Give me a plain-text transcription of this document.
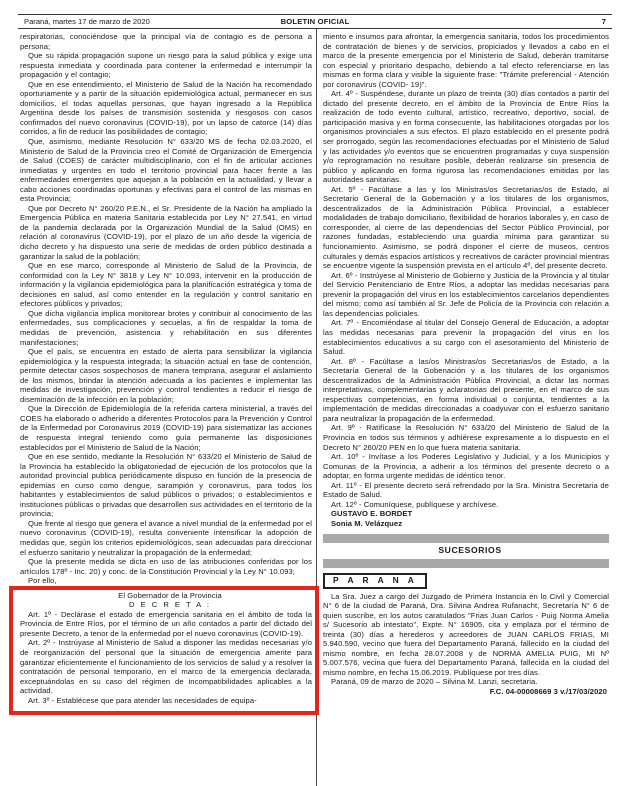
Paraná, martes 17 de marzo de 2020	BOLETIN OFICIAL	7

respiratorias, conociéndose que la principal vía de contagio es de persona a persona;

Que su rápida propagación supone un riesgo para la salud pública y exige una respuesta inmediata y coordinada para contener la enfermedad e interrumpir la propagación y el contagio;

Que en ese entendimiento, el Ministerio de Salud de la Nación ha recomendado oportunamente y a partir de la situación epidemiológica actual, permanecer en sus domicilios, el todas aquellas personas, que hayan ingresado a la República Argentina desde los países de transmisión sostenida y riesgosos con casos confirmados del nuevo coronavirus (COVID-19), por un lapso de catorce (14) días corridos, a fin de reducir las posibilidades de contagio;

Que, asimismo, mediante Resolución N° 633/20 MS de fecha 02.03.2020, el Ministerio de Salud de la Provincia creo el Comité de Organización de Emergencia de Salud (COES) de carácter multidisciplinario, con el fin de articular acciones inmediatas y urgentes en todo el territorio provincial para hacer frente a las enfermedades emergentes que aquejan a la población en la actualidad, y llevar a cabo acciones coordinadas oportunas y efectivas para el control de las mismas en esta Provincia;

Que por Decreto N° 260/20 P.E.N., el Sr. Presidente de la Nación ha ampliado la Emergencia Pública en materia Sanitaria establecida por Ley N° 27.541, en virtud de la pandemia declarada por la Organización Mundial de la Salud (OMS) en relación al coronavirus (COVID-19), por el plazo de un año desde la vigencia de dicho decreto y ha dispuesto una serie de medidas de orden público destinada a garantizar la salud de la población;

Que en ese marco, corresponde al Ministerio de Salud de la Provincia, de conformidad con la Ley N° 3818 y Ley N° 10.093, intervenir en la producción de información y la vigilancia epidemiológica para la planificación estratégica y toma de decisiones en salud, así como entender en la regulación y control sanitario en efectores públicos y privados;

Que dicha vigilancia implica monitorear brotes y contribuir al conocimiento de las enfermedades, sus complicaciones y secuelas, a fin de respaldar la toma de medidas de prevención, asistencia y rehabilitación en sus diferentes manifestaciones;

Que el país, se encuentra en estado de alerta para sensibilizar la vigilancia epidemiológica y la respuesta integrada; la situación actual en fase de contención, permite detectar casos sospechosos de manera temprana, asegurar el aislamiento de los mismos, brindar la atención adecuada a los pacientes e implementar las medidas de investigación, prevención y control tendientes a reducir el riesgo de diseminación de la infección en la población;

Que la Dirección de Epidemiología de la referida cartera ministerial, a través del COES ha elaborado o adherido a diferentes Protocolos para la Prevención y Control de la Enfermedad por Coronavirus 2019 (COVID-19) para sistematizar las acciones de respuesta integral teniendo como guía permanente las disposiciones establecidos por el Ministerio de Salud de la Nación;

Que en ese sentido, mediante la Resolución N° 633/20 el Ministerio de Salud de la Provincia ha establecido la obligatoriedad de ejecución de los protocolos que la autoridad provincial publica periódicamente dispuso en función de la presencia de epidemias en curso como dengue, sarampión y coronavirus, para todos los habitantes y establecimientos de salud públicos o privados; o establecimientos e instituciones públicas o privadas que desarrollen sus actividades en el territorio de la provincia;

Que frente al riesgo que genera el avance a nivel mundial de la enfermedad por el nuevo coronavirus (COVID-19), resulta conveniente intensificar la adopción de medidas que, según los criterios epidemiológicos, sean adecuadas para direccionar el esfuerzo sanitario y neutralizar la propagación de la enfermedad;

Que la presente medida se dicta en uso de las atribuciones conferidas por los artículos 178º - Inc. 20) y conc. de la Constitución Provincial y la Ley N° 10.093;

Por ello,

El Gobernador de la Provincia

D E C R E T A :

Art. 1º - Declárase el estado de emergencia sanitaria en el ámbito de toda la Provincia de Entre Ríos, por el término de un año contados a partir del dictado del presente Decreto, a tenor de la enfermedad por el nuevo coronavirus (COVID-19).

Art. 2º - Instrúyase al Ministerio de Salud a disponer las medidas necesarias y/o de reorganización del personal que la situación de emergencia amerite para garantizar eficientemente el funcionamiento de los servicios de salud y a resolver la contratación de personal temporario, en el marco de la emergencia declarada, exceptuándolas en su caso del régimen de incompatibilidades aplicables a la actividad.

Art. 3º - Establécese que para atender las necesidades de equipa-

miento e insumos para afrontar, la emergencia sanitaria, todos los procedimientos de contratación de bienes y de servicios, propiciados y llevados a cabo en el marco de la presente emergencia por el Ministerio de Salud, deberán tramitarse con especial y prioritario despacho, debiendo a tal efecto referenciarse en las mismas en forma clara y visible la siguiente frase: "Trámite preferencial - Atención por coronavirus (COVID- 19)".

Art. 4º - Suspéndese, durante un plazo de treinta (30) días contados a partir del dictado del presente decreto, en el ámbito de la Provincia de Entre Ríos la realización de todo evento cultural, artístico, recreativo, deportivo, social, de participación masiva y en forma consecuente, las habilitaciones otorgadas por los organismos provinciales a sus efectos. El plazo establecido en el presente podrá ser prorrogado, según las recomendaciones efectuadas por el Ministerio de Salud y las actividades y/o eventos que se encuentren programadas y cuya suspensión y/o reprogramación no resultare posible, deberán realizarse sin presencia de público y aplicando en forma rigurosa las recomendaciones emitidas por las autoridades sanitarias.

Art. 5º - Facúltase a las y los Ministras/os Secretarias/os de Estado, al Secretario General de la Gobernación y a los titulares de los organismos, descentralizados de la Administración Pública Provincial, a establecer modalidades de trabajo domiciliario, flexibilidad de horarios laborales y, en caso de corresponder, al cierre de las dependencias del Sector Público Provincial, por razones fundadas, estableciendo una guardia mínima para garantizar su funcionamiento. Asimismo, se podrá disponer el cierre de museos, centros culturales y demás espacios artísticos y recreativos de carácter provincial mientras se encuentre vigente la suspensión prevista en el artículo 4º, del presente decreto.

Art. 6º - Instrúyese al Ministerio de Gobierno y Justicia de la Provincia y al titular del Servicio Penitenciario de Entre Ríos, a adoptar las medidas necesarias para prevenir la propagación del virus en los establecimientos carcelarios dependientes del mismo; como así también al Sr. Jefe de Policía de la Provincia con relación a las dependencias policiales.

Art. 7º - Encomiéndase al titular del Consejo General de Educación, a adoptar las medidas necesarias para prevenir la propagación del virus en los establecimientos educativos a su cargo con el asesoramiento del Ministerio de Salud.

Art. 8º - Facúltase a las/os Ministras/os Secretarias/os de Estado, a la Secretaría General de la Gobenación y a los titulares de los organismos descentralizados de la Administración Pública Provincial, a dictar las normas interpretativas, complementarias y aclaratorias del presente, en el marco de sus respectivas competencias, en forma individual o conjunta, tendientes a la implementación de medidas direccionadas a coadyuvar con el esfuerzo sanitario para neutralizar la propagación de la enfermedad.

Art. 9º - Ratifícase la Resolución N° 633/20 del Ministerio de Salud de la Provincia en todos sus términos y adhiérese expresamente a lo dispuesto en el Decreto N° 260/20 PEN en lo que fuera materia sanitaria.

Art. 10º - Invítase a los Poderes Legislativo y Judicial, y a los Municipios y Comunas de la Provincia, a adherir a los términos del presente decreto o a adoptar, en forma urgente medidas de idéntico tenor.

Art. 11º - El presente decreto será refrendado por la Sra. Ministra Secretaria de Estado de Salud.

Art. 12º - Comuníquese, publíquese y archívese.

GUSTAVO E. BORDET

Sonia M. Velázquez

SUCESORIOS

P A R A N A

La Sra. Juez a cargo del Juzgado de Primera Instancia en lo Civil y Comercial N° 6 de la ciudad de Paraná, Dra. Silvina Andrea Rufanacht, Secretaría N° 6 de quien suscribe, en los autos caratulados "Frias Juan Carlos - Puig Norma Amelia s/ Sucesorio ab intestato", Expte. N° 16905, cita y emplaza por el término de treinta (30) días a herederos y acreedores de JUAN CARLOS FRIAS, MI 5.940.590, vecino que fuera del Departamento Paraná, fallecido en la ciudad del mismo nombre, en fecha 28.07.2008 y de NORMA AMELIA PUIG, MI Nº 5.007.576, vecina que fuera del Departamento Paraná, fallecida en la ciudad del mismo nombre, en fecha 15.06.2019. Publíquese por tres días.

Paraná, 09 de marzo de 2020 – Silvina M. Lanzi, secretaria.

F.C. 04-00008669 3 v./17/03/2020
